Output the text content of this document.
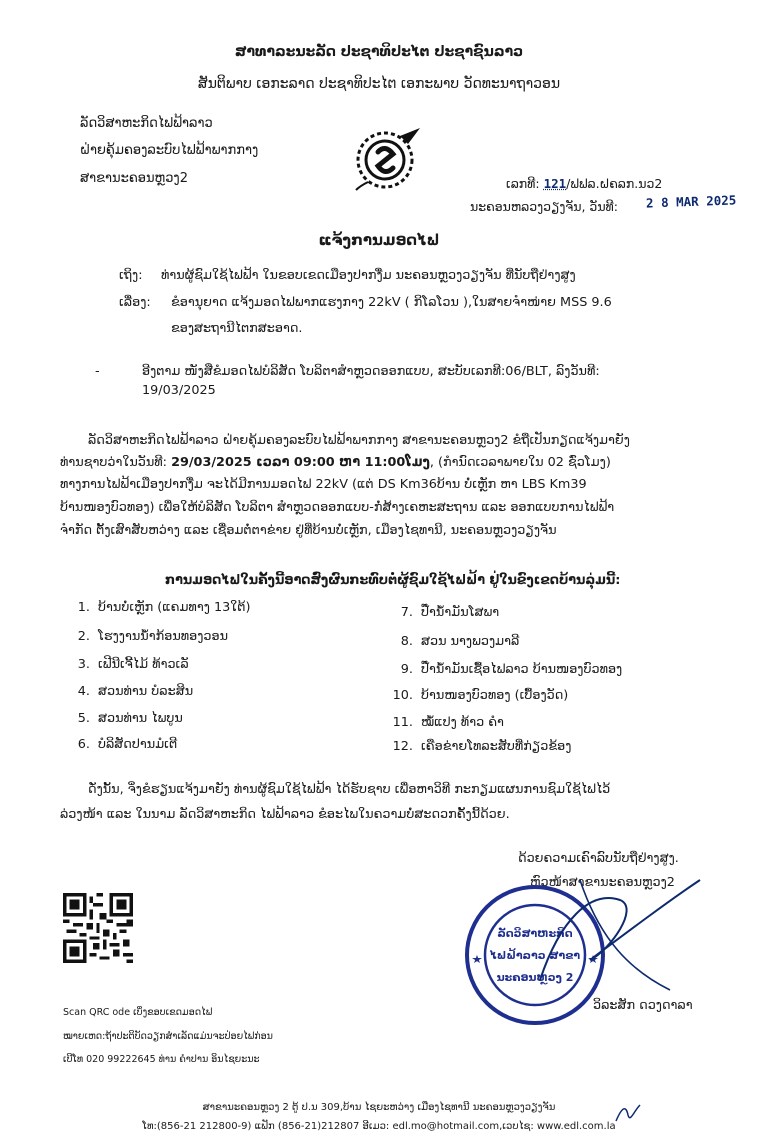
ສາທາລະນະລັດ ປະຊາທິປະໄຕ ປະຊາຊົນລາວ
ສັນຕິພາບ ເອກະລາດ ປະຊາທິປະໄຕ ເອກະພາບ ວັດທະນາຖາວອນ
ລັດວິສາຫະກິດໄຟຟ້າລາວ
ຝ່າຍຄຸ້ມຄອງລະບົບໄຟຟ້າພາກກາງ
ສາຂານະຄອນຫຼວງ2	ເລກທີ: 121/ຟຟລ.ຝຄລກ.ນວ2
ນະຄອນຫລວງວຽງຈັນ, ວັນທີ: 2 8 MAR 2025
ແຈ້ງການມອດໄຟ
ເຖິງ: ທ່ານຜູ້ຊົມໃຊ້ໄຟຟ້າ ໃນຂອບເຂດເມືອງປາກງື່ມ ນະຄອນຫຼວງວຽງຈັນ ທີ່ນັບຖືຢ່າງສູງ
ເລື່ອງ: ຂໍອານຸຍາດ ແຈ້ງມອດໄຟພາກແຮງກາງ 22kV ( ກິໂລໂວນ ),ໃນສາຍຈຳໜ່າຍ MSS 9.6
ຂອງສະຖານີໄຕກສະອາດ.
-	ອີງຕາມ ໜັງສືຂໍມອດໄຟບໍລິສັດ ໂບລິຕາສຳຫຼວດອອກແບບ, ສະບັບເລກທີ:06/BLT, ລົງວັນທີ:
19/03/2025
ລັດວິສາຫະກິດໄຟຟ້າລາວ ຝ່າຍຄຸ້ມຄອງລະບົບໄຟຟ້າພາກກາງ ສາຂານະຄອນຫຼວງ2 ຂໍຖືເປັນກຽດແຈ້ງມາຍັງ
ທ່ານຊາບວ່າໃນວັນທີ: 29/03/2025 ເວລາ 09:00 ຫາ 11:00ໂມງ, (ກຳນົດເວລາພາຍໃນ 02 ຊົ່ວໂມງ)
ທາງການໄຟຟ້າເມືອງປາກງື່ມ ຈະໄດ້ມີການມອດໄຟ 22kV (ແຕ່ DS Km36ບ້ານ ບໍ່ເຫຼັກ ຫາ LBS Km39
ບ້ານໜອງບົວທອງ) ເພື່ອໃຫ້ບໍລິສັດ ໂບລິຕາ ສຳຫຼວດອອກແບບ-ກໍ່ສ້າງເຄຫະສະຖານ ແລະ ອອກແບບການໄຟຟ້າ
ຈຳກັດ ຕັ້ງເສົາສັບຫວ່າງ ແລະ ເຊື່ອມຕໍ່ຕາຂ່າຍ ຢູ່ທີ່ບ້ານບໍ່ເຫຼັກ, ເມືອງໄຊທານີ, ນະຄອນຫຼວງວຽງຈັນ
ການມອດໄຟໃນຄັ້ງນີ້ອາດສົ່ງຜົນກະທົບຕໍ່ຜູ້ຊົມໃຊ້ໄຟຟ້າ ຢູ່ໃນຂົງເຂດບ້ານລຸ່ມນີ້:
1. ບ້ານບໍ່ເຫຼັກ (ແຄມທາງ 13ໃຕ້)
2. ໂຮງງານນ້ຳກ້ອນທອງວອນ
3. ເຟີນີເຈີ້ໄມ້ ທ້າວເລັ
4. ສວນທ່ານ ບໍລະສິນ
5. ສວນທ່ານ ໄພບູນ
6. ບໍລິສັດປານມໍເຕີ
7. ປ໊ຳນ້ຳມັນໂສພາ
8. ສວນ ນາງພວງມາລີ
9. ປ໊ຳນ້ຳມັນເຊື້ອໄຟລາວ ບ້ານໜອງບົວທອງ
10. ບ້ານໜອງບົວທອງ (ເບື້ອງວັດ)
11. ໝໍ້ແປງ ທ້າວ ຄຳ
12. ເຄືອຂ່າຍໂທລະສັບທີ່ກ່ຽວຂ້ອງ
ດັ່ງນັ້ນ, ຈິ່ງຂໍຮຽນແຈ້ງມາຍັງ ທ່ານຜູ້ຊົມໃຊ້ໄຟຟ້າ ໄດ້ຮັບຊາບ ເພື່ອຫາວິທີ ກະກຽມແຜນການຊົມໃຊ້ໄຟໄວ້
ລ່ວງໜ້າ ແລະ ໃນນາມ ລັດວິສາຫະກິດ ໄຟຟ້າລາວ ຂໍອະໄພໃນຄວາມບໍ່ສະດວກຄັ້ງນີ້ດ້ວຍ.
ດ້ວຍຄວາມເຄົາລົບນັບຖືຢ່າງສູງ.
ຫົວໜ້າສາຂານະຄອນຫຼວງ2
ລັດວິສາຫະກິດ
ໄຟຟ້າລາວ ສາຂາ
ນະຄອນຫຼວງ 2
ວິລະສັກ ດວງດາລາ
Scan QRC ode ເບິ່ງຂອບເຂດມອດໄຟ
ໝາຍເຫດ:ຖ້າປະຕິບັດວຽກສຳເລັດແມ່ນຈະປ່ອຍໄຟກ່ອນ
ເບີໂທ 020 99222645 ທ່ານ ຄຳປານ ອິນໄຊຍະນະ
ສາຂານະຄອນຫຼວງ 2 ຕູ້ ປ.ນ 309,ບ້ານ ໄຊຍະຫວ່າງ ເມືອງໄຊທານີ ນະຄອນຫຼວງວຽງຈັນ
ໂທ:(856-21 212800-9) ແຟັກ (856-21)212807 ອີເມວ: edl.mo@hotmail.com,ເວບໄຊ: www.edl.com.la
